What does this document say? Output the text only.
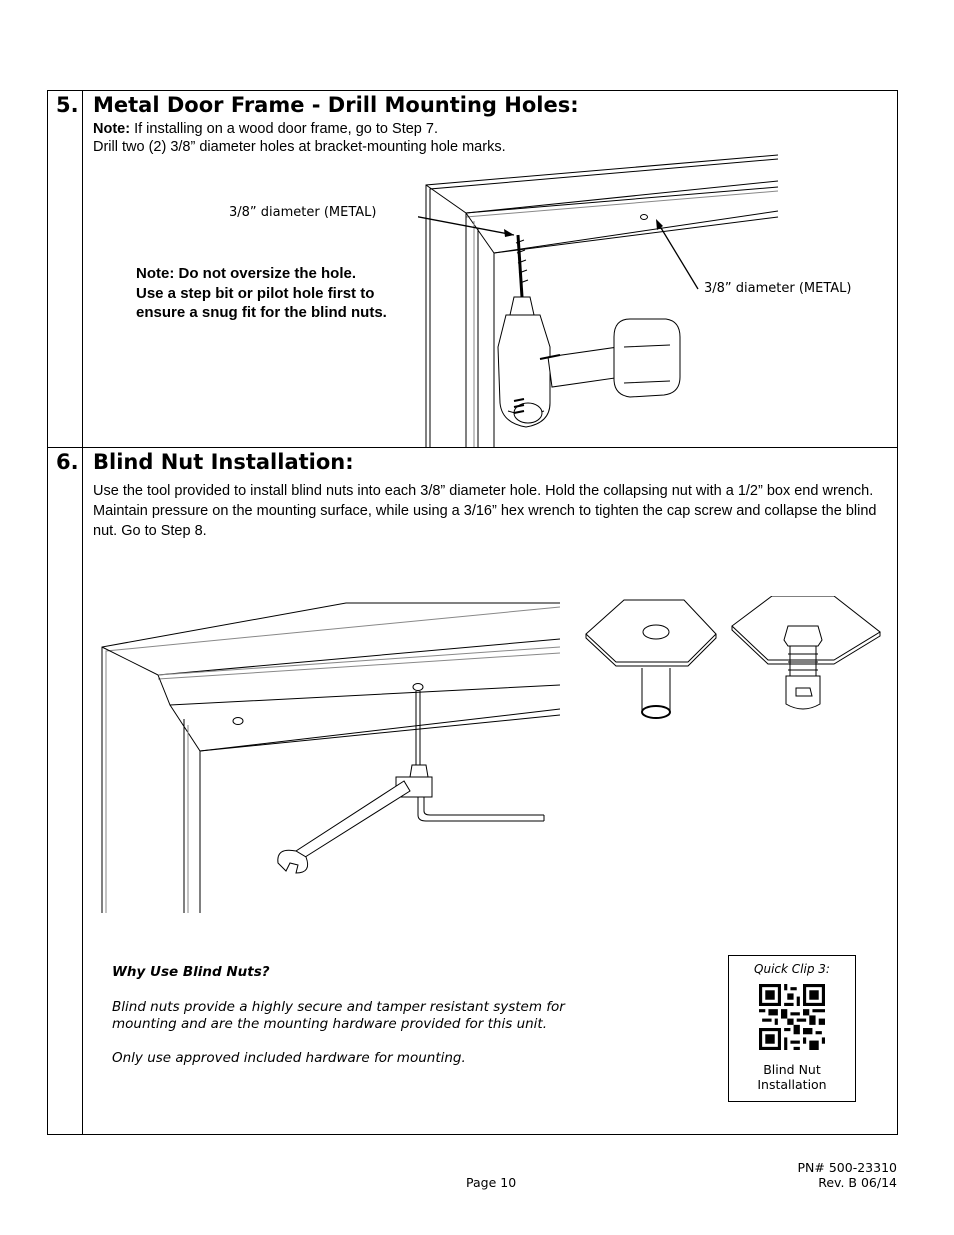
5. Metal Door Frame - Drill Mounting Holes:
Note: If installing on a wood door frame, go to Step 7.
Drill two (2) 3/8” diameter holes at bracket-mounting hole marks.
3/8” diameter (METAL)
3/8” diameter (METAL)
Note: Do not oversize the hole.
Use a step bit or pilot hole first to
ensure a snug fit for the blind nuts.
6. Blind Nut Installation:
Use the tool provided to install blind nuts into each 3/8” diameter hole. Hold the collapsing nut with a 1/2” box end wrench. Maintain pressure on the mounting surface, while using a 3/16” hex wrench to tighten the cap screw and collapse the blind nut. Go to Step 8.
Why Use Blind Nuts?
Blind nuts provide a highly secure and tamper resistant system for mounting and are the mounting hardware provided for this unit.
Only use approved included hardware for mounting.
Quick Clip 3:
Blind Nut
Installation
Page 10
PN# 500-23310
Rev. B 06/14
